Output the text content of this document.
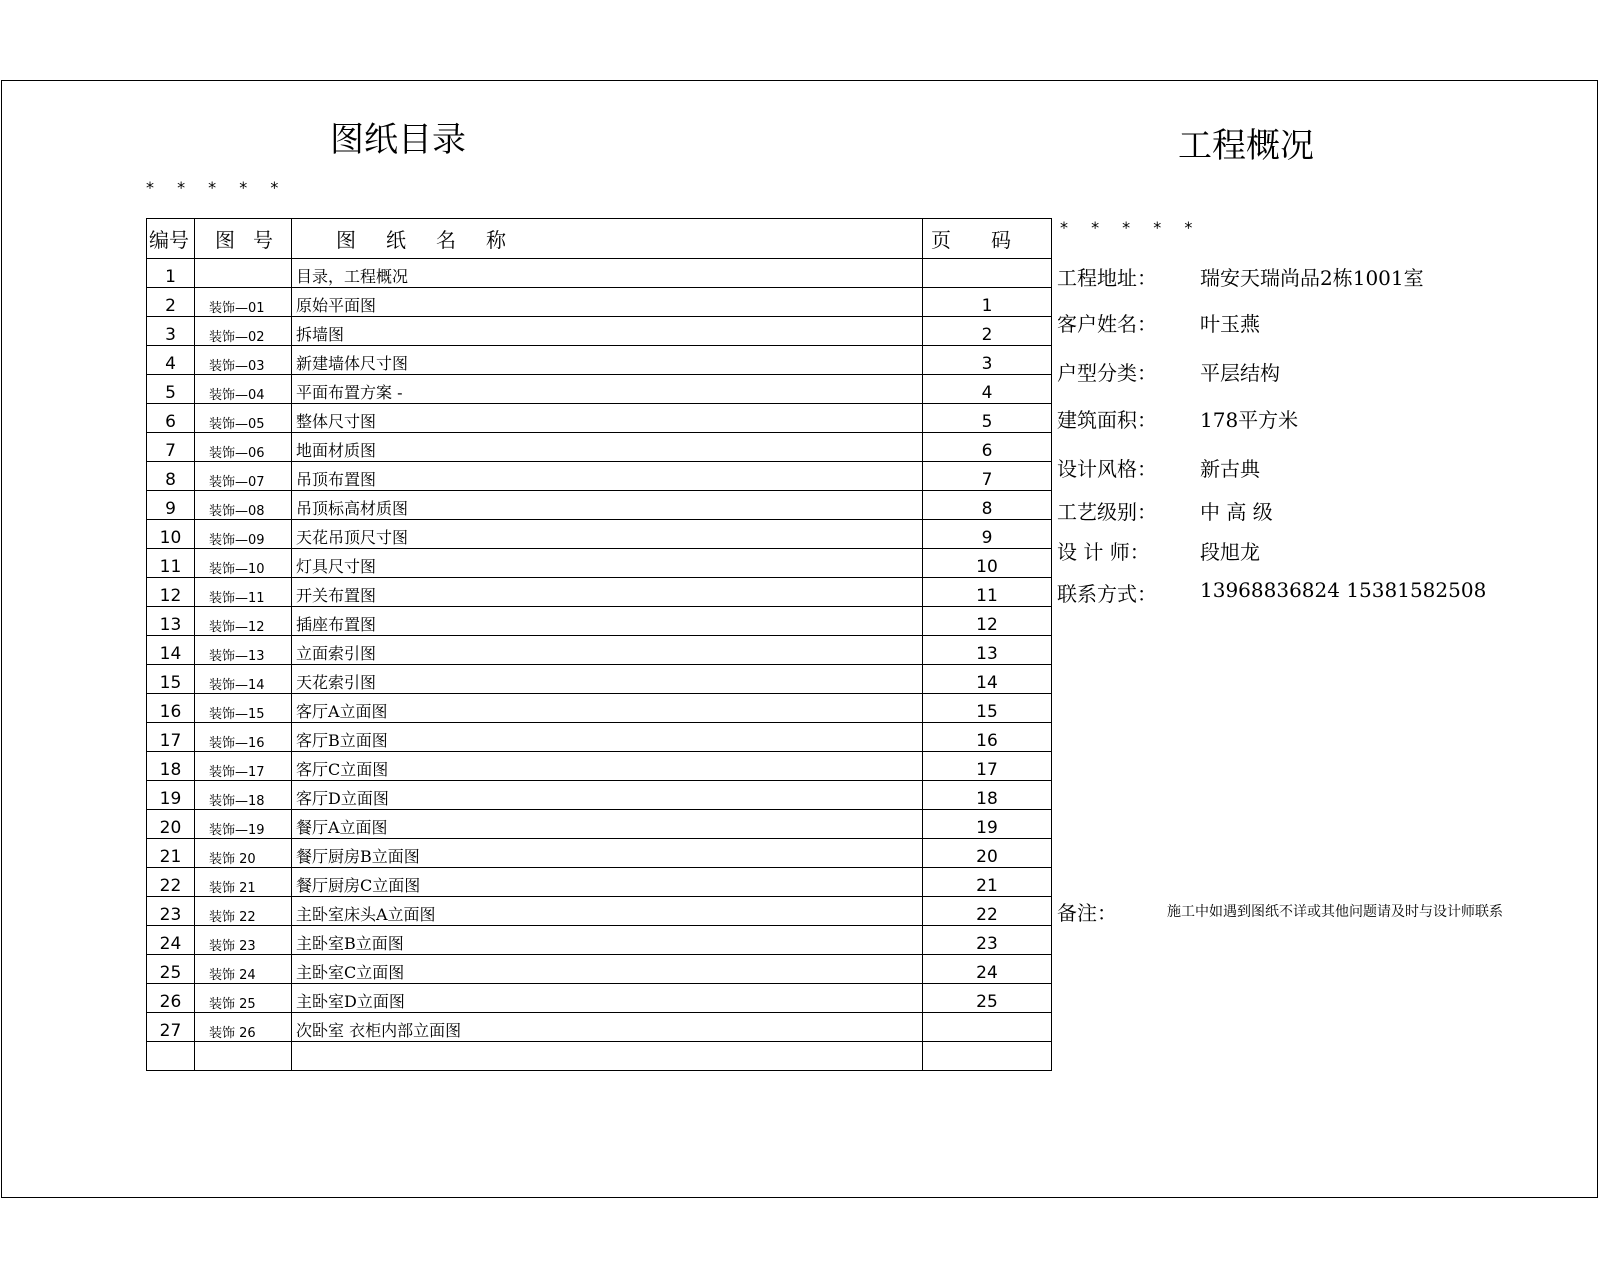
图纸目录
* * * * *
编号	图号	图纸名称	页码
1		目录，工程概况	
2	装饰—01	原始平面图	1
3	装饰—02	拆墙图	2
4	装饰—03	新建墙体尺寸图	3
5	装饰—04	平面布置方案 -	4
6	装饰—05	整体尺寸图	5
7	装饰—06	地面材质图	6
8	装饰—07	吊顶布置图	7
9	装饰—08	吊顶标高材质图	8
10	装饰—09	天花吊顶尺寸图	9
11	装饰—10	灯具尺寸图	10
12	装饰—11	开关布置图	11
13	装饰—12	插座布置图	12
14	装饰—13	立面索引图	13
15	装饰—14	天花索引图	14
16	装饰—15	客厅A立面图	15
17	装饰—16	客厅B立面图	16
18	装饰—17	客厅C立面图	17
19	装饰—18	客厅D立面图	18
20	装饰—19	餐厅A立面图	19
21	装饰 20	餐厅厨房B立面图	20
22	装饰 21	餐厅厨房C立面图	21
23	装饰 22	主卧室床头A立面图	22
24	装饰 23	主卧室B立面图	23
25	装饰 24	主卧室C立面图	24
26	装饰 25	主卧室D立面图	25
27	装饰 26	次卧室 衣柜内部立面图	

工程概况
* * * * *
工程地址： 瑞安天瑞尚品2栋1001室
客户姓名： 叶玉燕
户型分类： 平层结构
建筑面积： 178平方米
设计风格： 新古典
工艺级别： 中 高 级
设 计 师：	段旭龙
联系方式： 13968836824 15381582508
备注：	施工中如遇到图纸不详或其他问题请及时与设计师联系
